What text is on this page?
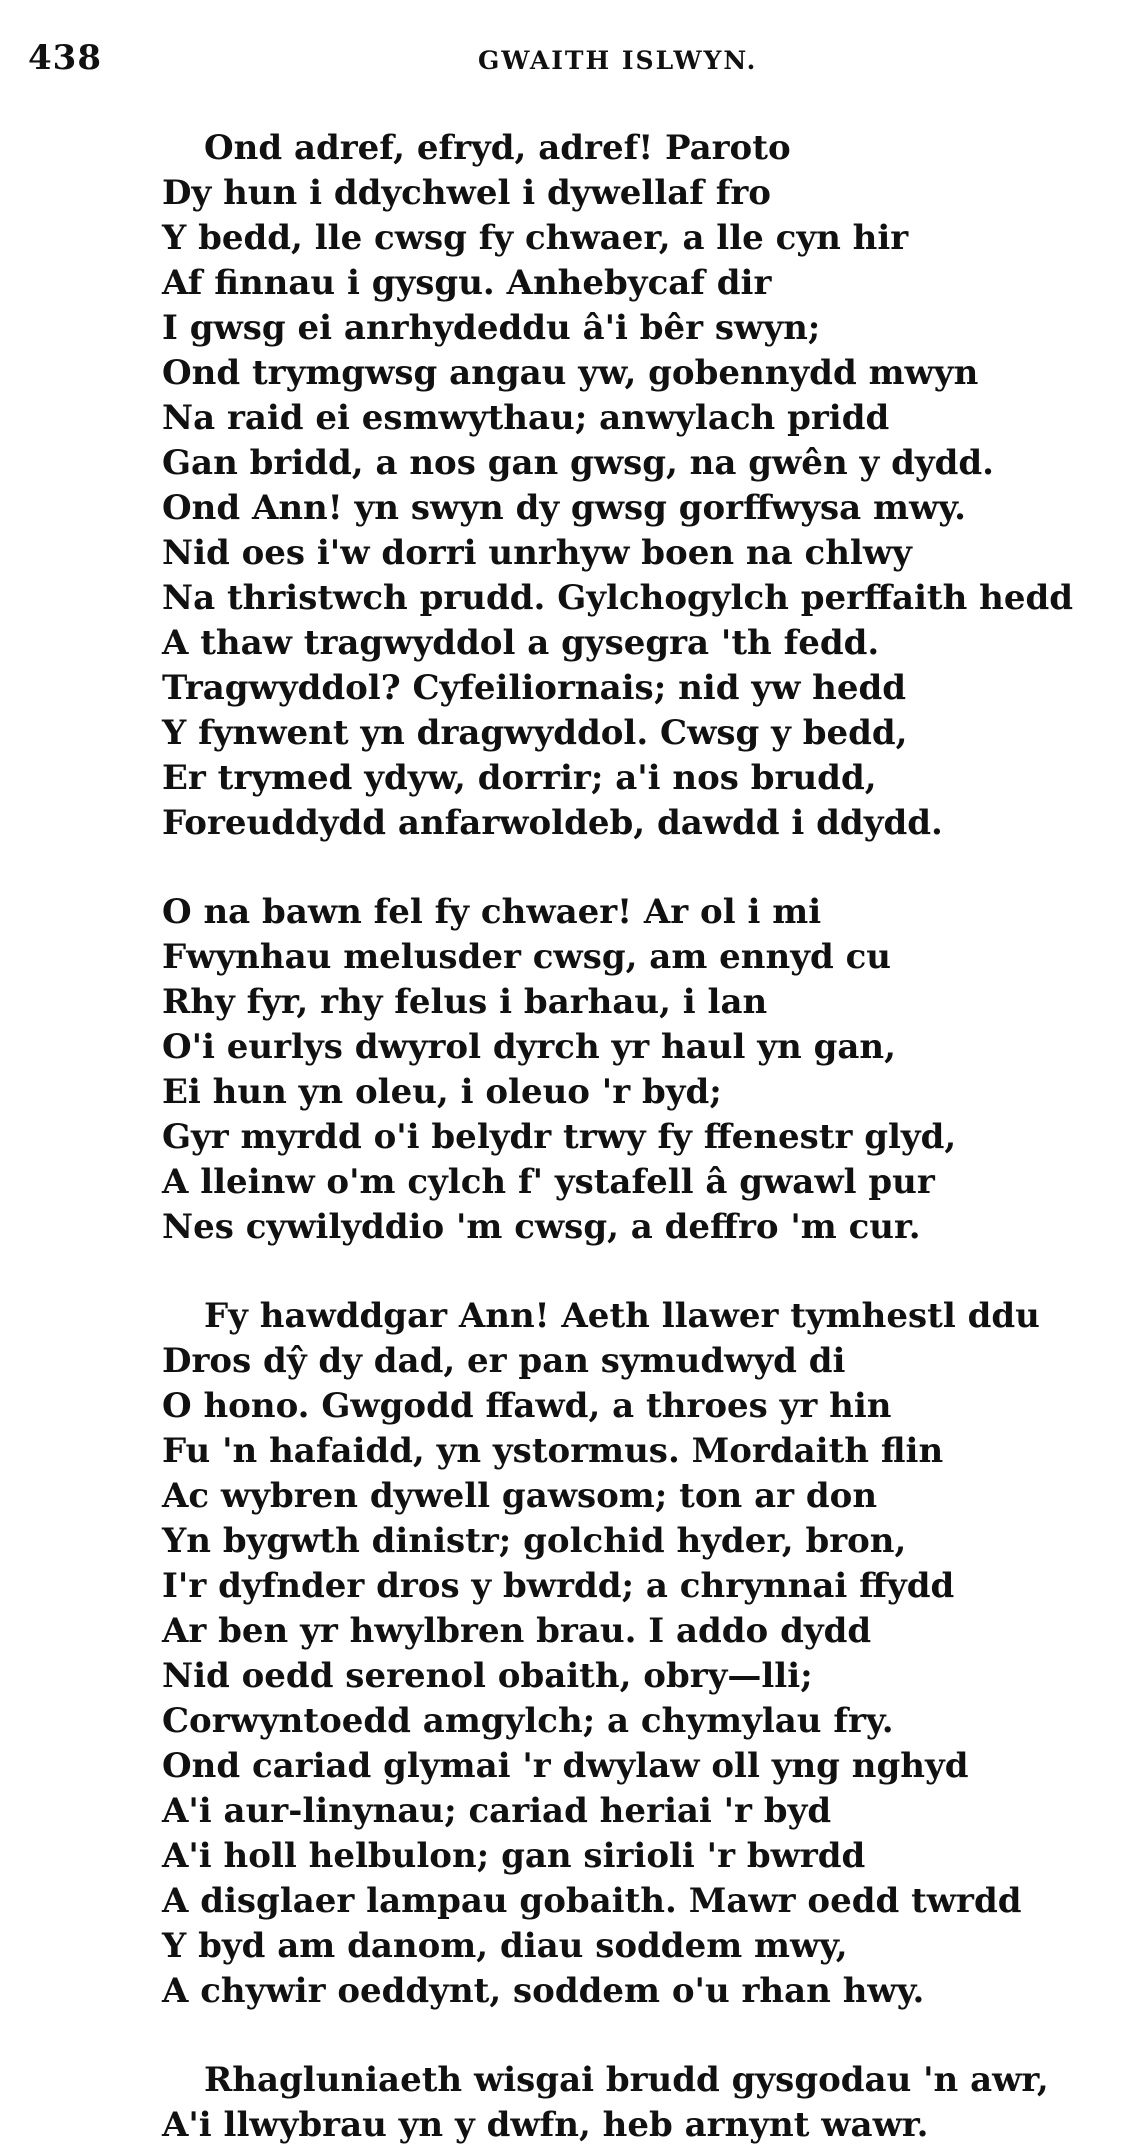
438	GWAITH ISLWYN.
Ond adref, efryd, adref! Paroto
Dy hun i ddychwel i dywellaf fro
Y bedd, lle cwsg fy chwaer, a lle cyn hir
Af finnau i gysgu. Anhebycaf dir
I gwsg ei anrhydeddu â'i bêr swyn;
Ond trymgwsg angau yw, gobennydd mwyn
Na raid ei esmwythau; anwylach pridd
Gan bridd, a nos gan gwsg, na gwên y dydd.
Ond Ann! yn swyn dy gwsg gorffwysa mwy.
Nid oes i'w dorri unrhyw boen na chlwy
Na thristwch prudd. Gylchogylch perffaith hedd
A thaw tragwyddol a gysegra 'th fedd.
Tragwyddol? Cyfeiliornais; nid yw hedd
Y fynwent yn dragwyddol. Cwsg y bedd,
Er trymed ydyw, dorrir; a'i nos brudd,
Foreuddydd anfarwoldeb, dawdd i ddydd.
O na bawn fel fy chwaer! Ar ol i mi
Fwynhau melusder cwsg, am ennyd cu
Rhy fyr, rhy felus i barhau, i lan
O'i eurlys dwyrol dyrch yr haul yn gan,
Ei hun yn oleu, i oleuo 'r byd;
Gyr myrdd o'i belydr trwy fy ffenestr glyd,
A lleinw o'm cylch f' ystafell â gwawl pur
Nes cywilyddio 'm cwsg, a deffro 'm cur.
Fy hawddgar Ann! Aeth llawer tymhestl ddu
Dros dŷ dy dad, er pan symudwyd di
O hono. Gwgodd ffawd, a throes yr hin
Fu 'n hafaidd, yn ystormus. Mordaith flin
Ac wybren dywell gawsom; ton ar don
Yn bygwth dinistr; golchid hyder, bron,
I'r dyfnder dros y bwrdd; a chrynnai ffydd
Ar ben yr hwylbren brau. I addo dydd
Nid oedd serenol obaith, obry—lli;
Corwyntoedd amgylch; a chymylau fry.
Ond cariad glymai 'r dwylaw oll yng nghyd
A'i aur-linynau; cariad heriai 'r byd
A'i holl helbulon; gan sirioli 'r bwrdd
A disglaer lampau gobaith. Mawr oedd twrdd
Y byd am danom, diau soddem mwy,
A chywir oeddynt, soddem o'u rhan hwy.
Rhagluniaeth wisgai brudd gysgodau 'n awr,
A'i llwybrau yn y dwfn, heb arnynt wawr.
